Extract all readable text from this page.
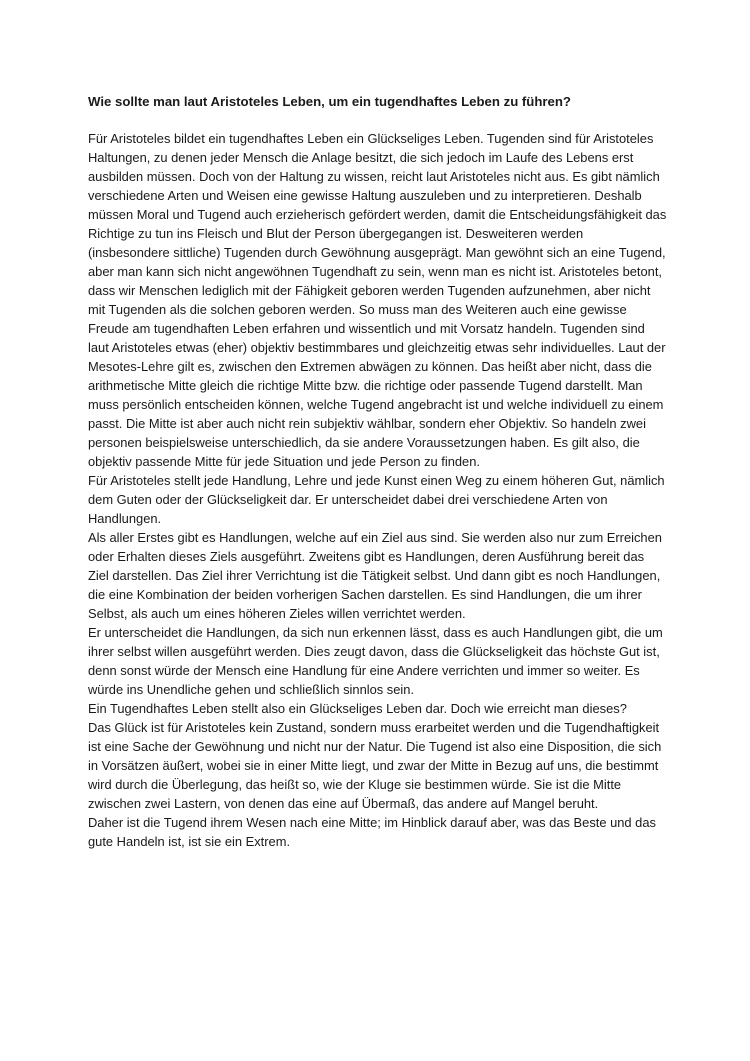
Wie sollte man laut Aristoteles Leben, um ein tugendhaftes Leben zu führen?

Für Aristoteles bildet ein tugendhaftes Leben ein Glückseliges Leben. Tugenden sind für Aristoteles Haltungen, zu denen jeder Mensch die Anlage besitzt, die sich jedoch im Laufe des Lebens erst ausbilden müssen. Doch von der Haltung zu wissen, reicht laut Aristoteles nicht aus. Es gibt nämlich verschiedene Arten und Weisen eine gewisse Haltung auszuleben und zu interpretieren. Deshalb müssen Moral und Tugend auch erzieherisch gefördert werden, damit die Entscheidungsfähigkeit das Richtige zu tun ins Fleisch und Blut der Person übergegangen ist. Desweiteren werden (insbesondere sittliche) Tugenden durch Gewöhnung ausgeprägt. Man gewöhnt sich an eine Tugend, aber man kann sich nicht angewöhnen Tugendhaft zu sein, wenn man es nicht ist. Aristoteles betont, dass wir Menschen lediglich mit der Fähigkeit geboren werden Tugenden aufzunehmen, aber nicht mit Tugenden als die solchen geboren werden. So muss man des Weiteren auch eine gewisse Freude am tugendhaften Leben erfahren und wissentlich und mit Vorsatz handeln. Tugenden sind laut Aristoteles etwas (eher) objektiv bestimmbares und gleichzeitig etwas sehr individuelles. Laut der Mesotes-Lehre gilt es, zwischen den Extremen abwägen zu können. Das heißt aber nicht, dass die arithmetische Mitte gleich die richtige Mitte bzw. die richtige oder passende Tugend darstellt. Man muss persönlich entscheiden können, welche Tugend angebracht ist und welche individuell zu einem passt. Die Mitte ist aber auch nicht rein subjektiv wählbar, sondern eher Objektiv. So handeln zwei personen beispielsweise unterschiedlich, da sie andere Voraussetzungen haben. Es gilt also, die objektiv passende Mitte für jede Situation und jede Person zu finden.

Für Aristoteles stellt jede Handlung, Lehre und jede Kunst einen Weg zu einem höheren Gut, nämlich dem Guten oder der Glückseligkeit dar. Er unterscheidet dabei drei verschiedene Arten von Handlungen.

Als aller Erstes gibt es Handlungen, welche auf ein Ziel aus sind. Sie werden also nur zum Erreichen oder Erhalten dieses Ziels ausgeführt. Zweitens gibt es Handlungen, deren Ausführung bereit das Ziel darstellen. Das Ziel ihrer Verrichtung ist die Tätigkeit selbst. Und dann gibt es noch Handlungen, die eine Kombination der beiden vorherigen Sachen darstellen. Es sind Handlungen, die um ihrer Selbst, als auch um eines höheren Zieles willen verrichtet werden.

Er unterscheidet die Handlungen, da sich nun erkennen lässt, dass es auch Handlungen gibt, die um ihrer selbst willen ausgeführt werden. Dies zeugt davon, dass die Glückseligkeit das höchste Gut ist, denn sonst würde der Mensch eine Handlung für eine Andere verrichten und immer so weiter. Es würde ins Unendliche gehen und schließlich sinnlos sein.

Ein Tugendhaftes Leben stellt also ein Glückseliges Leben dar. Doch wie erreicht man dieses?

Das Glück ist für Aristoteles kein Zustand, sondern muss erarbeitet werden und die Tugendhaftigkeit ist eine Sache der Gewöhnung und nicht nur der Natur. Die Tugend ist also eine Disposition, die sich in Vorsätzen äußert, wobei sie in einer Mitte liegt, und zwar der Mitte in Bezug auf uns, die bestimmt wird durch die Überlegung, das heißt so, wie der Kluge sie bestimmen würde. Sie ist die Mitte zwischen zwei Lastern, von denen das eine auf Übermaß, das andere auf Mangel beruht.

Daher ist die Tugend ihrem Wesen nach eine Mitte; im Hinblick darauf aber, was das Beste und das gute Handeln ist, ist sie ein Extrem.
